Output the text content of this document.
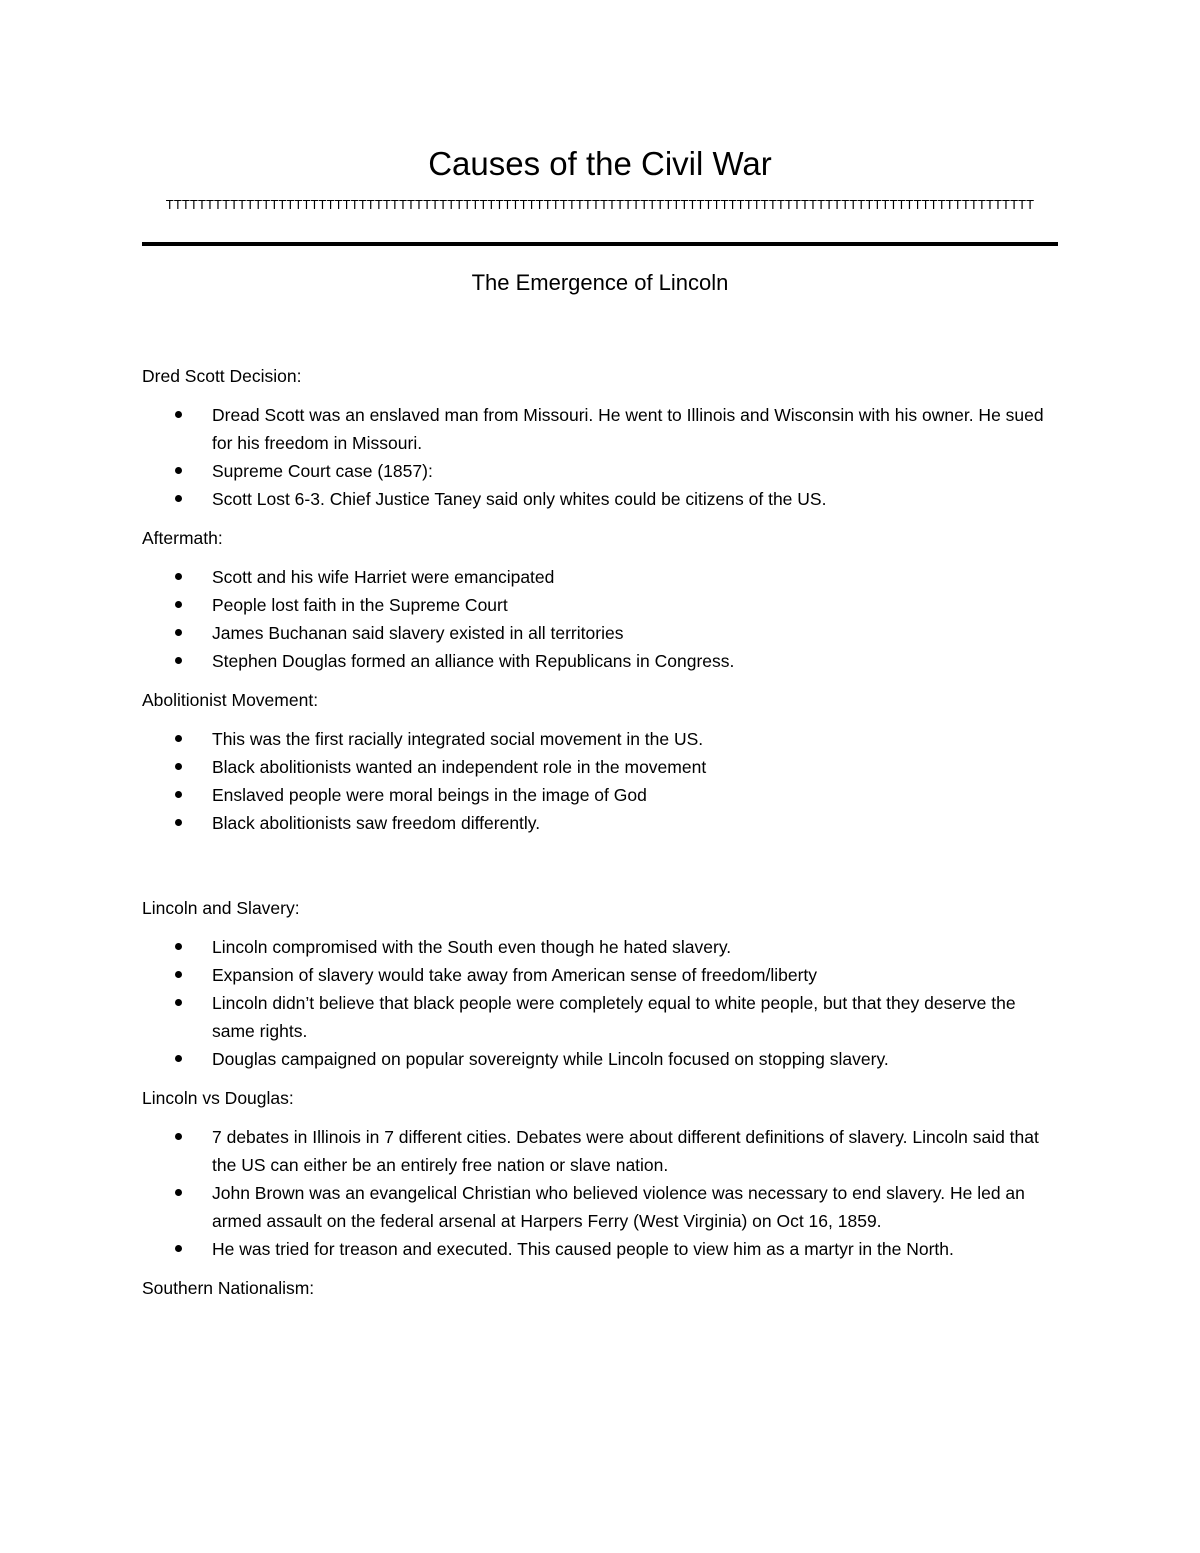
Causes of the Civil War

TTTTTTTTTTTTTTTTTTTTTTTTTTTTTTTTTTTTTTTTTTTTTTTTTTTTTTTTTTTTTTTTTTTTTTTTTTTTTTTTTTTTTTTTTTTTTTTTTTTTTTTTTTTT

The Emergence of Lincoln

Dred Scott Decision:

Dread Scott was an enslaved man from Missouri. He went to Illinois and Wisconsin with his owner. He sued for his freedom in Missouri.
Supreme Court case (1857):
Scott Lost 6-3. Chief Justice Taney said only whites could be citizens of the US.

Aftermath:

Scott and his wife Harriet were emancipated
People lost faith in the Supreme Court
James Buchanan said slavery existed in all territories
Stephen Douglas formed an alliance with Republicans in Congress.

Abolitionist Movement:

This was the first racially integrated social movement in the US.
Black abolitionists wanted an independent role in the movement
Enslaved people were moral beings in the image of God
Black abolitionists saw freedom differently.

Lincoln and Slavery:

Lincoln compromised with the South even though he hated slavery.
Expansion of slavery would take away from American sense of freedom/liberty
Lincoln didn’t believe that black people were completely equal to white people, but that they deserve the same rights.
Douglas campaigned on popular sovereignty while Lincoln focused on stopping slavery.

Lincoln vs Douglas:

7 debates in Illinois in 7 different cities. Debates were about different definitions of slavery. Lincoln said that the US can either be an entirely free nation or slave nation.
John Brown was an evangelical Christian who believed violence was necessary to end slavery. He led an armed assault on the federal arsenal at Harpers Ferry (West Virginia) on Oct 16, 1859.
He was tried for treason and executed. This caused people to view him as a martyr in the North.

Southern Nationalism:
